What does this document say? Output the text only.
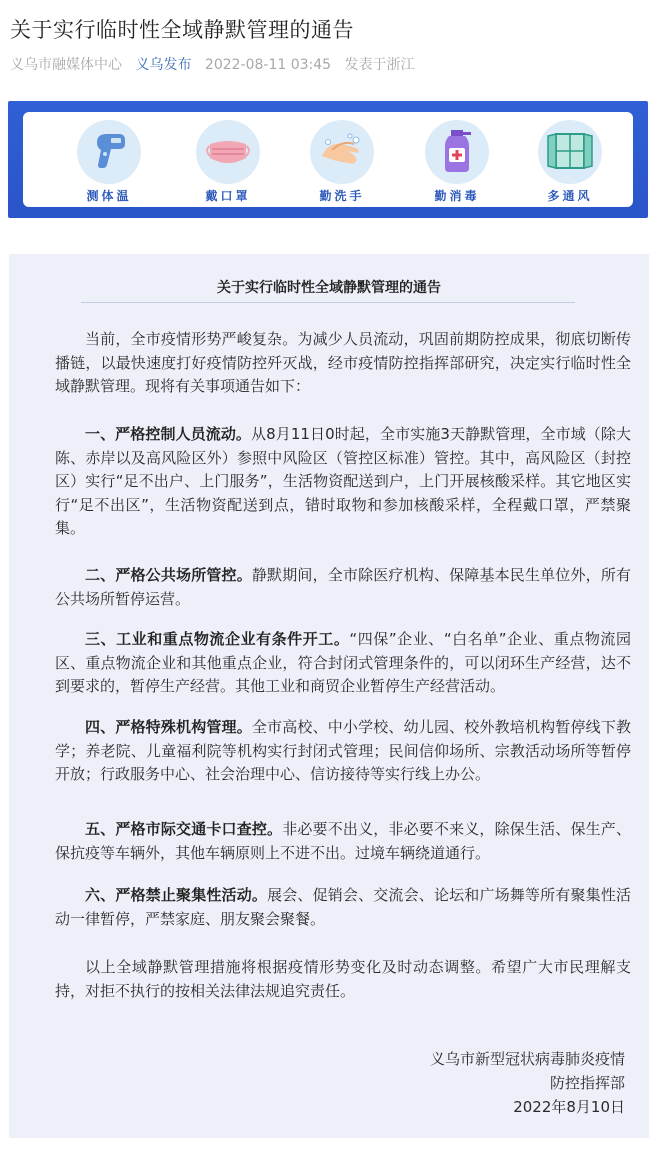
关于实行临时性全域静默管理的通告
义乌市融媒体中心 义乌发布 2022-08-11 03:45 发表于浙江
测体温	戴口罩	勤洗手	勤消毒	多通风
关于实行临时性全域静默管理的通告

当前，全市疫情形势严峻复杂。为减少人员流动，巩固前期防控成果，彻底切断传播链，以最快速度打好疫情防控歼灭战，经市疫情防控指挥部研究，决定实行临时性全域静默管理。现将有关事项通告如下：

一、严格控制人员流动。从8月11日0时起，全市实施3天静默管理，全市域（除大陈、赤岸以及高风险区外）参照中风险区（管控区标准）管控。其中，高风险区（封控区）实行“足不出户、上门服务”，生活物资配送到户，上门开展核酸采样。其它地区实行“足不出区”，生活物资配送到点，错时取物和参加核酸采样，全程戴口罩，严禁聚集。

二、严格公共场所管控。静默期间，全市除医疗机构、保障基本民生单位外，所有公共场所暂停运营。

三、工业和重点物流企业有条件开工。“四保”企业、“白名单”企业、重点物流园区、重点物流企业和其他重点企业，符合封闭式管理条件的，可以闭环生产经营，达不到要求的，暂停生产经营。其他工业和商贸企业暂停生产经营活动。

四、严格特殊机构管理。全市高校、中小学校、幼儿园、校外教培机构暂停线下教学；养老院、儿童福利院等机构实行封闭式管理；民间信仰场所、宗教活动场所等暂停开放；行政服务中心、社会治理中心、信访接待等实行线上办公。

五、严格市际交通卡口查控。非必要不出义，非必要不来义，除保生活、保生产、保抗疫等车辆外，其他车辆原则上不进不出。过境车辆绕道通行。

六、严格禁止聚集性活动。展会、促销会、交流会、论坛和广场舞等所有聚集性活动一律暂停，严禁家庭、朋友聚会聚餐。

以上全域静默管理措施将根据疫情形势变化及时动态调整。希望广大市民理解支持，对拒不执行的按相关法律法规追究责任。

义乌市新型冠状病毒肺炎疫情
防控指挥部
2022年8月10日
